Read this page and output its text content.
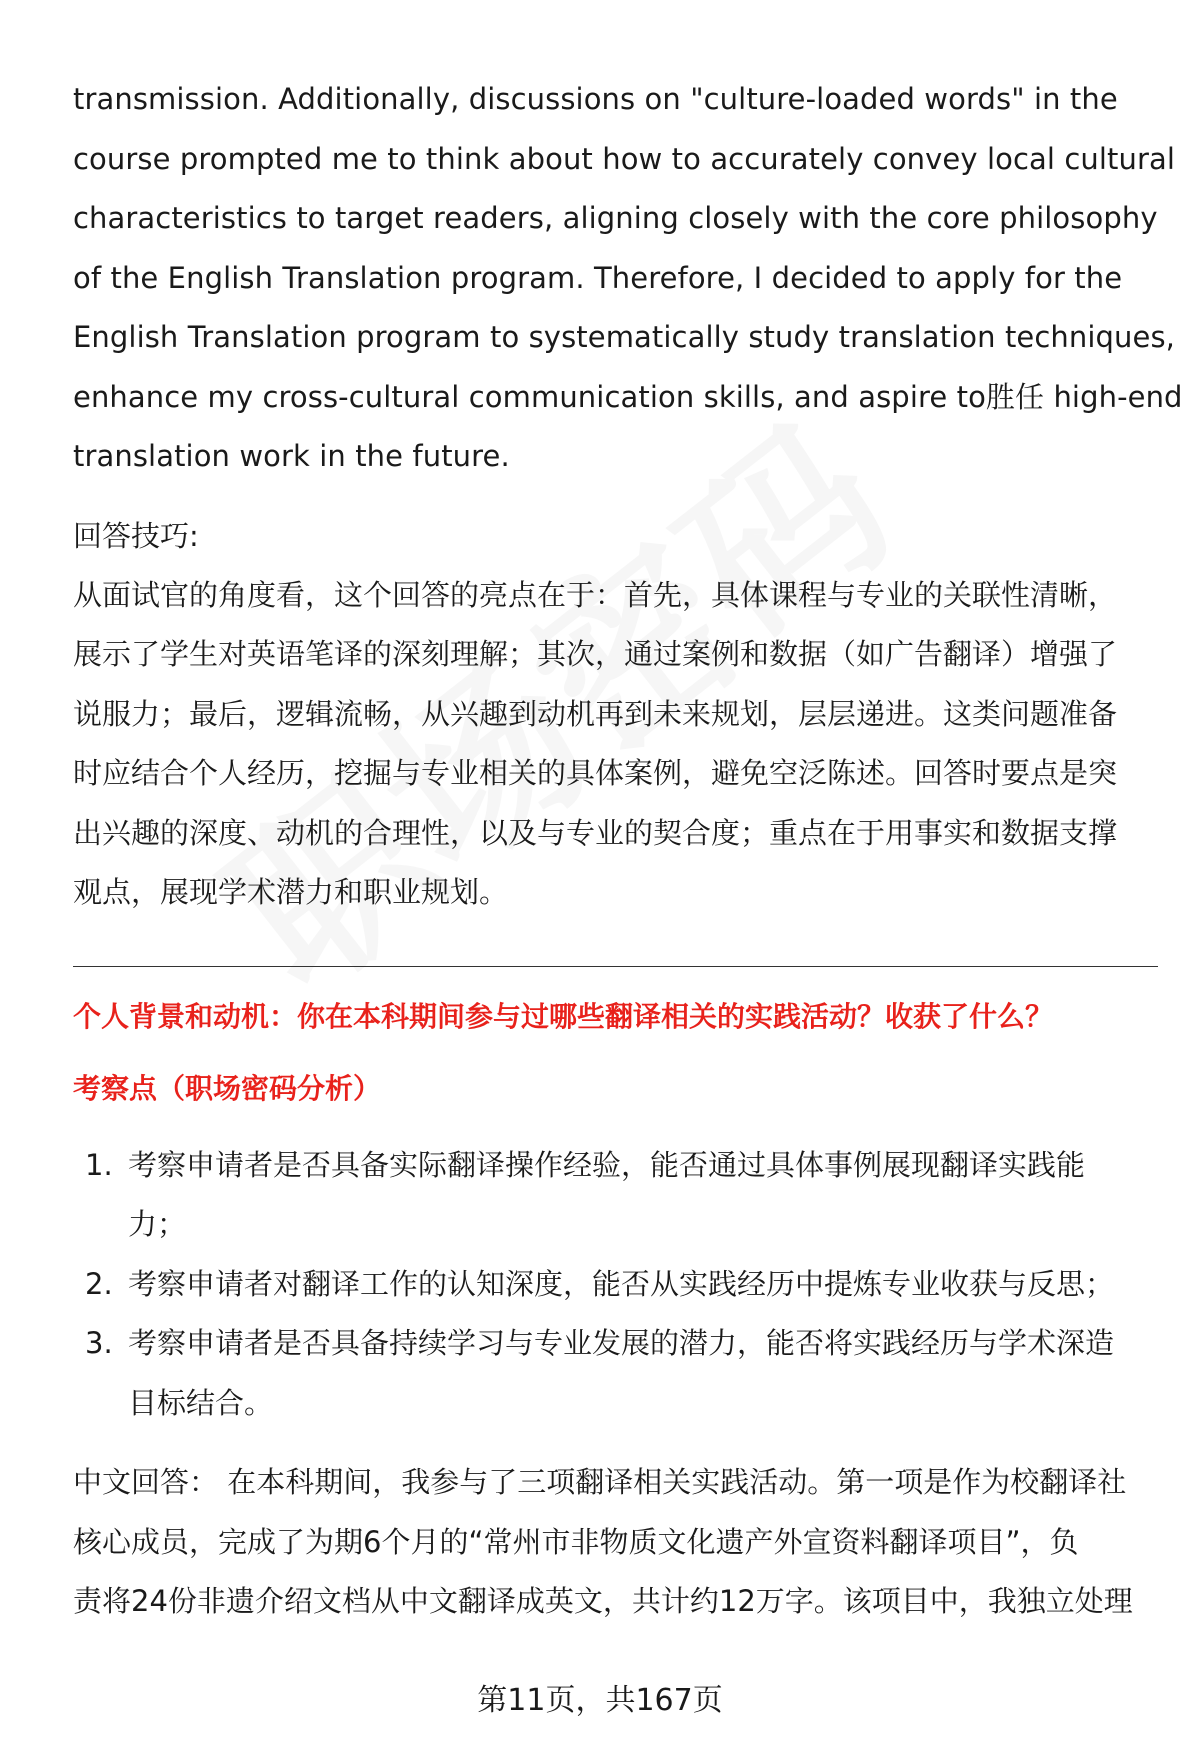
transmission. Additionally, discussions on "culture-loaded words" in the
course prompted me to think about how to accurately convey local cultural
characteristics to target readers, aligning closely with the core philosophy
of the English Translation program. Therefore, I decided to apply for the
English Translation program to systematically study translation techniques,
enhance my cross-cultural communication skills, and aspire to胜任 high-end
translation work in the future.
回答技巧:
从面试官的角度看，这个回答的亮点在于：首先，具体课程与专业的关联性清晰，
展示了学生对英语笔译的深刻理解；其次，通过案例和数据（如广告翻译）增强了
说服力；最后，逻辑流畅，从兴趣到动机再到未来规划，层层递进。这类问题准备
时应结合个人经历，挖掘与专业相关的具体案例，避免空泛陈述。回答时要点是突
出兴趣的深度、动机的合理性，以及与专业的契合度；重点在于用事实和数据支撑
观点，展现学术潜力和职业规划。
个人背景和动机：你在本科期间参与过哪些翻译相关的实践活动？收获了什么？
考察点（职场密码分析）
1. 考察申请者是否具备实际翻译操作经验，能否通过具体事例展现翻译实践能
力；
2. 考察申请者对翻译工作的认知深度，能否从实践经历中提炼专业收获与反思；
3. 考察申请者是否具备持续学习与专业发展的潜力，能否将实践经历与学术深造
目标结合。
中文回答： 在本科期间，我参与了三项翻译相关实践活动。第一项是作为校翻译社
核心成员，完成了为期6个月的“常州市非物质文化遗产外宣资料翻译项目”，负
责将24份非遗介绍文档从中文翻译成英文，共计约12万字。该项目中，我独立处理
第11页，共167页
